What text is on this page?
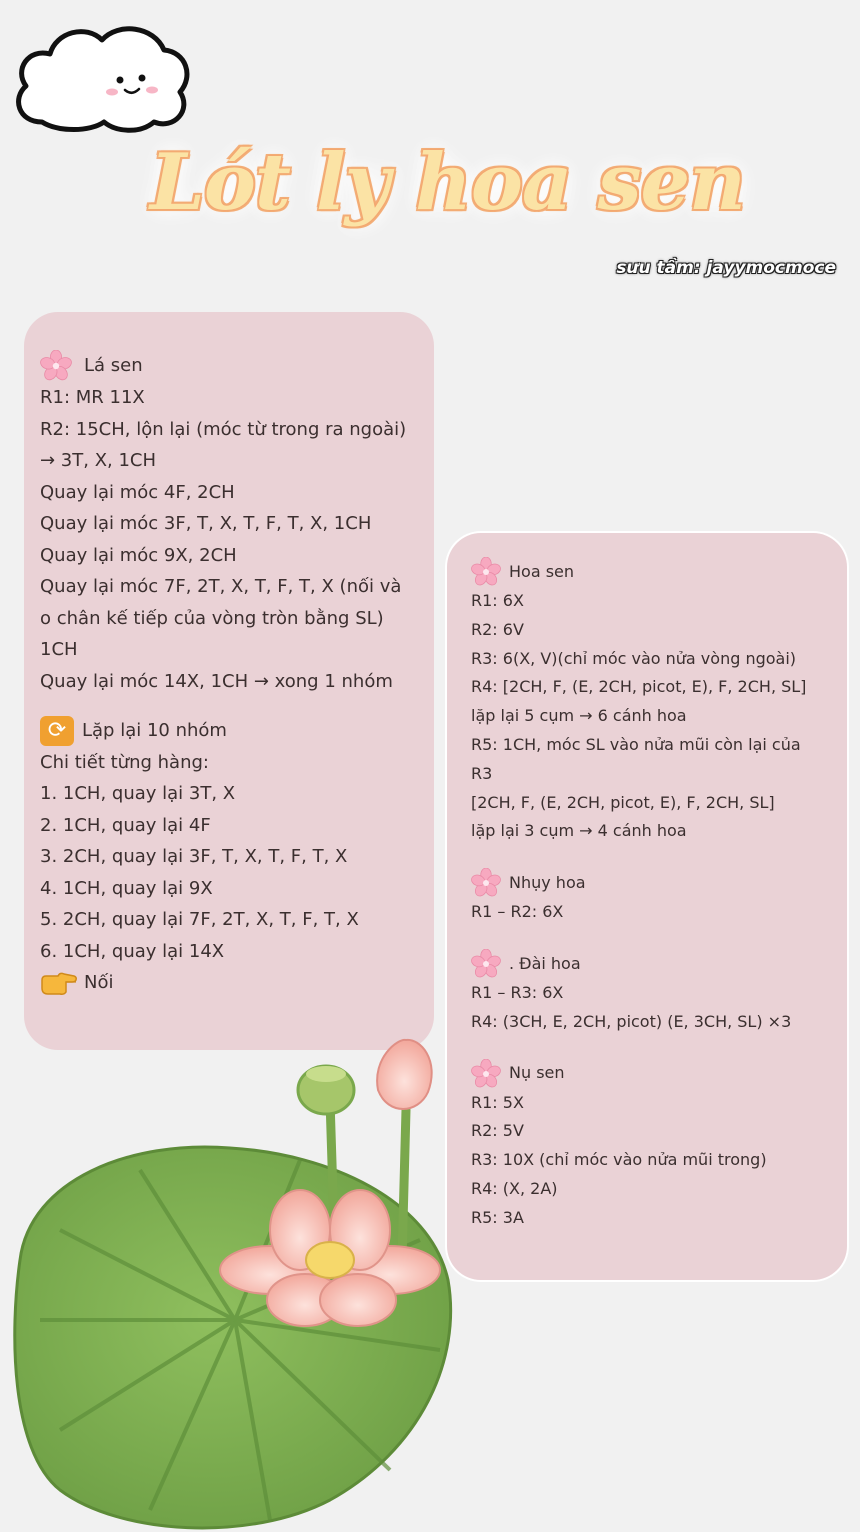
Lót ly hoa sen
sưu tầm: jayymocmoce
Lá sen
R1: MR 11X
R2: 15CH, lộn lại (móc từ trong ra ngoài)
→ 3T, X, 1CH
Quay lại móc 4F, 2CH
Quay lại móc 3F, T, X, T, F, T, X, 1CH
Quay lại móc 9X, 2CH
Quay lại móc 7F, 2T, X, T, F, T, X (nối và
o chân kế tiếp của vòng tròn bằng SL)
1CH
Quay lại móc 14X, 1CH → xong 1 nhóm
⟳ Lặp lại 10 nhóm
Chi tiết từng hàng:
1. 1CH, quay lại 3T, X
2. 1CH, quay lại 4F
3. 2CH, quay lại 3F, T, X, T, F, T, X
4. 1CH, quay lại 9X
5. 2CH, quay lại 7F, 2T, X, T, F, T, X
6. 1CH, quay lại 14X
Nối
Hoa sen
R1: 6X
R2: 6V
R3: 6(X, V)(chỉ móc vào nửa vòng ngoài)
R4: [2CH, F, (E, 2CH, picot, E), F, 2CH, SL]
lặp lại 5 cụm → 6 cánh hoa
R5: 1CH, móc SL vào nửa mũi còn lại của
R3
[2CH, F, (E, 2CH, picot, E), F, 2CH, SL]
lặp lại 3 cụm → 4 cánh hoa
Nhụy hoa
R1 – R2: 6X
. Đài hoa
R1 – R3: 6X
R4: (3CH, E, 2CH, picot) (E, 3CH, SL) ×3
Nụ sen
R1: 5X
R2: 5V
R3: 10X (chỉ móc vào nửa mũi trong)
R4: (X, 2A)
R5: 3A
